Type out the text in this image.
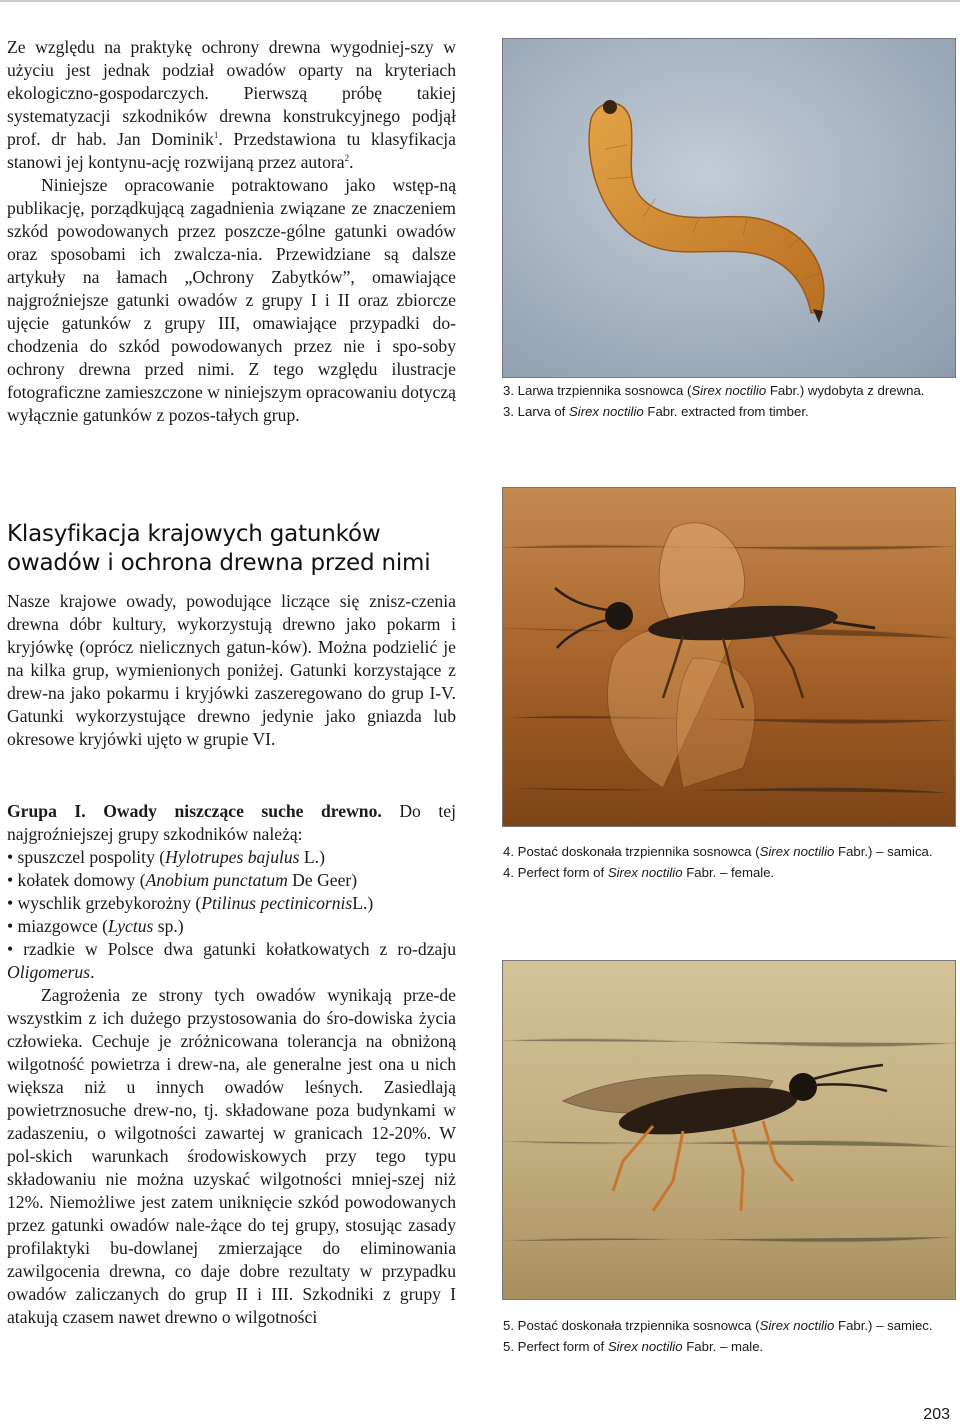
Ze względu na praktykę ochrony drewna wygodniej-szy w użyciu jest jednak podział owadów oparty na kryteriach ekologiczno-gospodarczych. Pierwszą próbę takiej systematyzacji szkodników drewna konstrukcyjnego podjął prof. dr hab. Jan Dominik$^1$. Przedstawiona tu klasyfikacja stanowi jej kontynu-ację rozwijaną przez autora$^2$.

Niniejsze opracowanie potraktowano jako wstęp-ną publikację, porządkującą zagadnienia związane ze znaczeniem szkód powodowanych przez poszcze-gólne gatunki owadów oraz sposobami ich zwalcza-nia. Przewidziane są dalsze artykuły na łamach „Ochrony Zabytków”, omawiające najgroźniejsze gatunki owadów z grupy I i II oraz zbiorcze ujęcie gatunków z grupy III, omawiające przypadki do-chodzenia do szkód powodowanych przez nie i spo-soby ochrony drewna przed nimi. Z tego względu ilustracje fotograficzne zamieszczone w niniejszym opracowaniu dotyczą wyłącznie gatunków z pozos-tałych grup.

Klasyfikacja krajowych gatunków
owadów i ochrona drewna przed nimi

Nasze krajowe owady, powodujące liczące się znisz-czenia drewna dóbr kultury, wykorzystują drewno jako pokarm i kryjówkę (oprócz nielicznych gatun-ków). Można podzielić je na kilka grup, wymienionych poniżej. Gatunki korzystające z drew-na jako pokarmu i kryjówki zaszeregowano do grup I-V. Gatunki wykorzystujące drewno jedynie jako gniazda lub okresowe kryjówki ujęto w grupie VI.

Grupa I. Owady niszczące suche drewno. Do tej najgroźniejszej grupy szkodników należą:

• spuszczel pospolity (Hylotrupes bajulus L.)

• kołatek domowy (Anobium punctatum De Geer)

• wyschlik grzebykorożny (Ptilinus pectinicornisL.)

• miazgowce (Lyctus sp.)

• rzadkie w Polsce dwa gatunki kołatkowatych z ro-dzaju Oligomerus.

Zagrożenia ze strony tych owadów wynikają prze-de wszystkim z ich dużego przystosowania do śro-dowiska życia człowieka. Cechuje je zróżnicowana tolerancja na obniżoną wilgotność powietrza i drew-na, ale generalne jest ona u nich większa niż u innych owadów leśnych. Zasiedlają powietrznosuche drew-no, tj. składowane poza budynkami w zadaszeniu, o wilgotności zawartej w granicach 12-20%. W pol-skich warunkach środowiskowych przy tego typu składowaniu nie można uzyskać wilgotności mniej-szej niż 12%. Niemożliwe jest zatem uniknięcie szkód powodowanych przez gatunki owadów nale-żące do tej grupy, stosując zasady profilaktyki bu-dowlanej zmierzające do eliminowania zawilgocenia drewna, co daje dobre rezultaty w przypadku owadów zaliczanych do grup II i III. Szkodniki z grupy I atakują czasem nawet drewno o wilgotności

3. Larwa trzpiennika sosnowca (Sirex noctilio Fabr.) wydobyta z drewna.

3. Larva of Sirex noctilio Fabr. extracted from timber.

4. Postać doskonała trzpiennika sosnowca (Sirex noctilio Fabr.) – samica.

4. Perfect form of Sirex noctilio Fabr. – female.

5. Postać doskonała trzpiennika sosnowca (Sirex noctilio Fabr.) – samiec.

5. Perfect form of Sirex noctilio Fabr. – male.

203
